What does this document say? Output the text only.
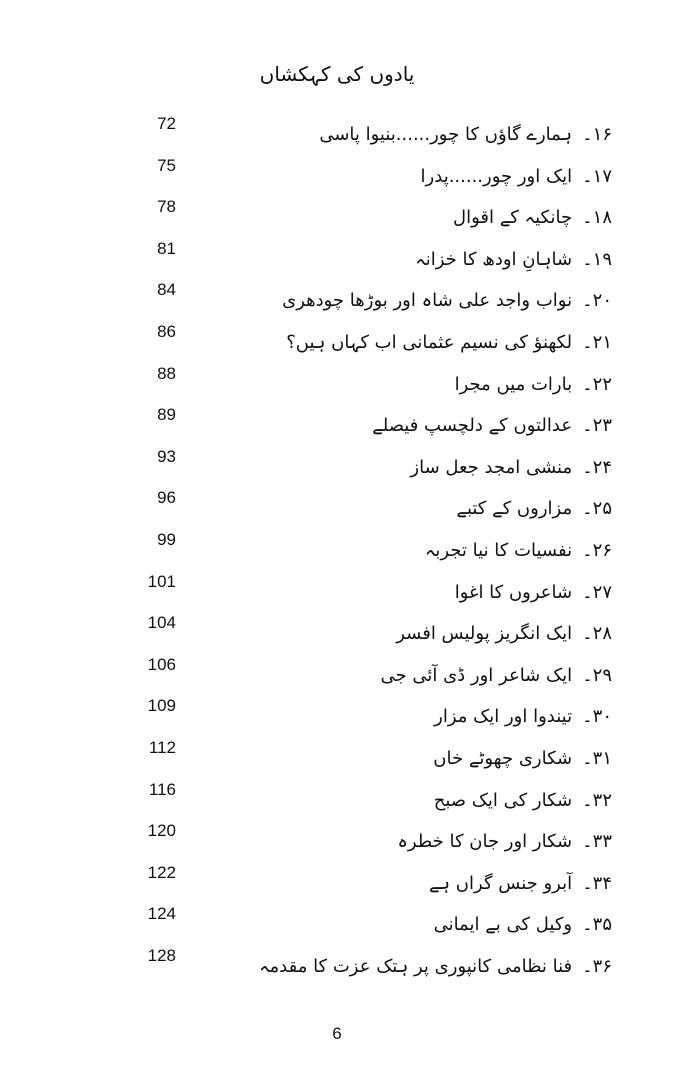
یادوں کی کہکشاں
72
۱۶۔ہمارے گاؤں کا چور......بنیوا پاسی
75
۱۷۔ایک اور چور......پدرا
78
۱۸۔چانکیہ کے اقوال
81
۱۹۔شاہانِ اودھ کا خزانہ
84
۲۰۔نواب واجد علی شاہ اور بوڑھا چودھری
86
۲۱۔لکھنؤ کی نسیم عثمانی اب کہاں ہیں؟
88
۲۲۔بارات میں مجرا
89
۲۳۔عدالتوں کے دلچسپ فیصلے
93
۲۴۔منشی امجد جعل ساز
96
۲۵۔مزاروں کے کتبے
99
۲۶۔نفسیات کا نیا تجربہ
101
۲۷۔شاعروں کا اغوا
104
۲۸۔ایک انگریز پولیس افسر
106
۲۹۔ایک شاعر اور ڈی آئی جی
109
۳۰۔تیندوا اور ایک مزار
112
۳۱۔شکاری چھوٹے خاں
116
۳۲۔شکار کی ایک صبح
120
۳۳۔شکار اور جان کا خطرہ
122
۳۴۔آبرو جنس گراں ہے
124
۳۵۔وکیل کی بے ایمانی
128
۳۶۔فنا نظامی کانپوری پر ہتک عزت کا مقدمہ
6
